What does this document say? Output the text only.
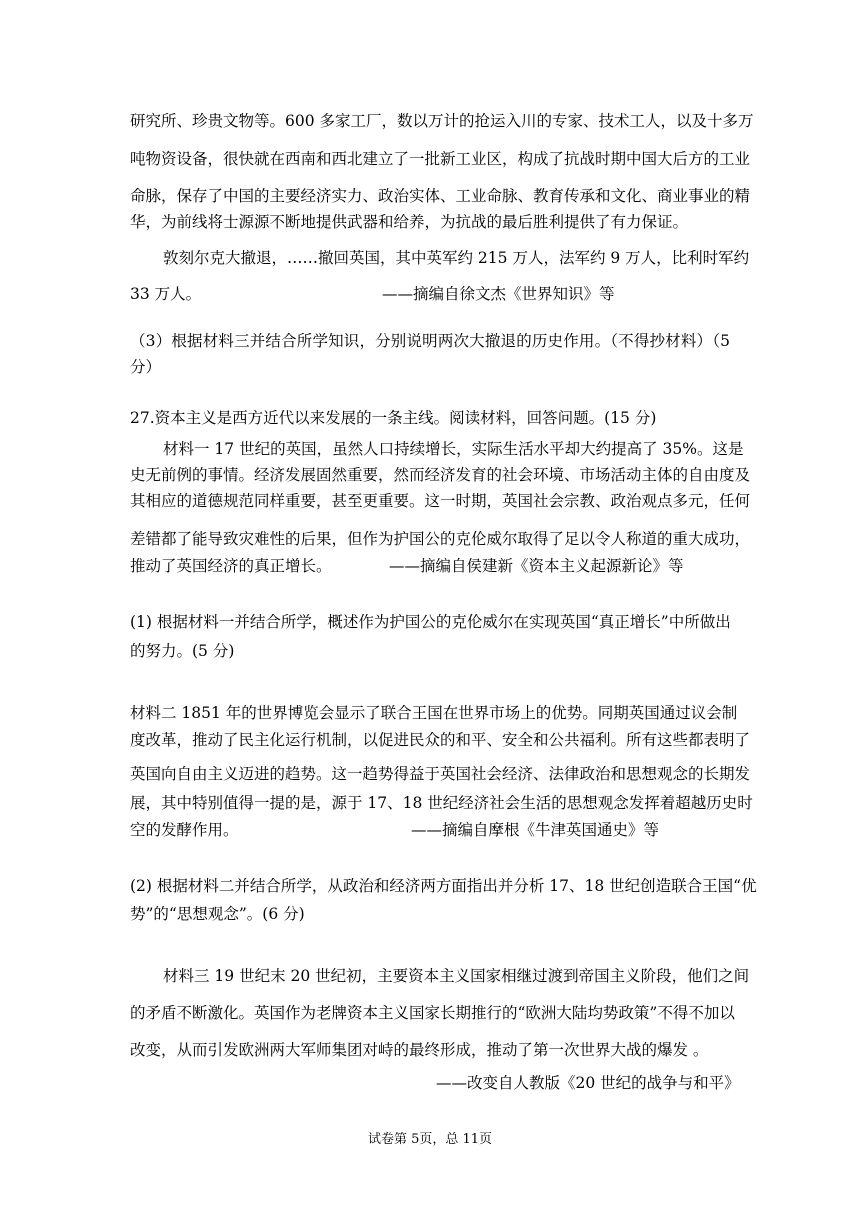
研究所、珍贵文物等。600 多家工厂，数以万计的抢运入川的专家、技术工人，以及十多万
吨物资设备，很快就在西南和西北建立了一批新工业区，构成了抗战时期中国大后方的工业
命脉，保存了中国的主要经济实力、政治实体、工业命脉、教育传承和文化、商业事业的精
华，为前线将士源源不断地提供武器和给养，为抗战的最后胜利提供了有力保证。
敦刻尔克大撤退，……撤回英国，其中英军约 215 万人，法军约 9 万人，比利时军约
33 万人。	——摘编自徐文杰《世界知识》等
（3）根据材料三并结合所学知识，分别说明两次大撤退的历史作用。（不得抄材料）（5
分）
27.资本主义是西方近代以来发展的一条主线。阅读材料，回答问题。(15 分)
材料一 17 世纪的英国，虽然人口持续增长，实际生活水平却大约提高了 35%。这是
史无前例的事情。经济发展固然重要，然而经济发育的社会环境、市场活动主体的自由度及
其相应的道德规范同样重要，甚至更重要。这一时期，英国社会宗教、政治观点多元，任何
差错都了能导致灾难性的后果，但作为护国公的克伦威尔取得了足以令人称道的重大成功，
推动了英国经济的真正增长。	——摘编自侯建新《资本主义起源新论》等
(1) 根据材料一并结合所学，概述作为护国公的克伦威尔在实现英国“真正增长”中所做出
的努力。(5 分)
材料二 1851 年的世界博览会显示了联合王国在世界市场上的优势。同期英国通过议会制
度改革，推动了民主化运行机制，以促进民众的和平、安全和公共福利。所有这些都表明了
英国向自由主义迈进的趋势。这一趋势得益于英国社会经济、法律政治和思想观念的长期发
展，其中特别值得一提的是，源于 17、18 世纪经济社会生活的思想观念发挥着超越历史时
空的发酵作用。	——摘编自摩根《牛津英国通史》等
(2) 根据材料二并结合所学，从政治和经济两方面指出并分析 17、18 世纪创造联合王国“优
势”的“思想观念”。(6 分)
材料三 19 世纪末 20 世纪初，主要资本主义国家相继过渡到帝国主义阶段，他们之间
的矛盾不断激化。英国作为老牌资本主义国家长期推行的“欧洲大陆均势政策”不得不加以
改变，从而引发欧洲两大军师集团对峙的最终形成，推动了第一次世界大战的爆发 。
——改变自人教版《20 世纪的战争与和平》
试卷第 5页，总 11页
